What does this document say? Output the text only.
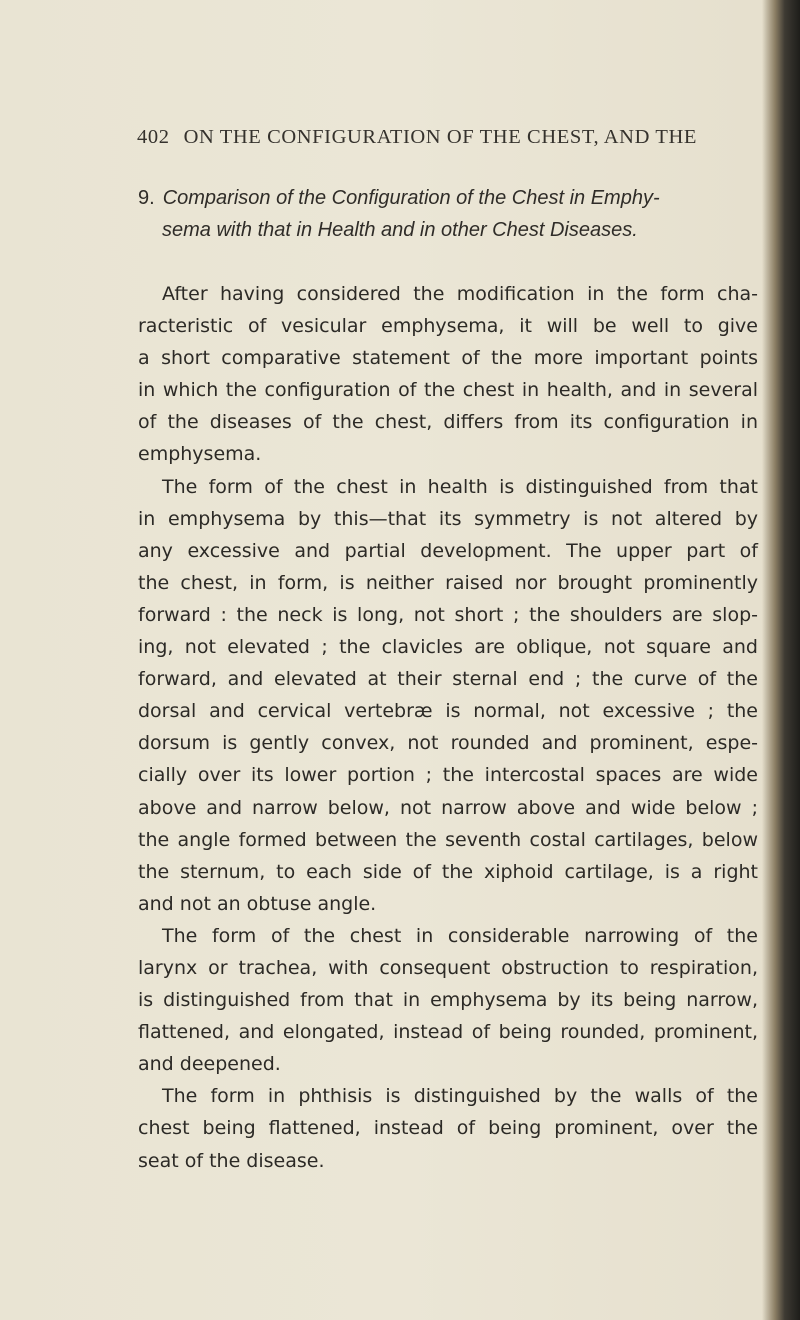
402 ON THE CONFIGURATION OF THE CHEST, AND THE
9. Comparison of the Configuration of the Chest in Emphy-
sema with that in Health and in other Chest Diseases.
After having considered the modification in the form cha-
racteristic of vesicular emphysema, it will be well to give
a short comparative statement of the more important points
in which the configuration of the chest in health, and in several
of the diseases of the chest, differs from its configuration in
emphysema.
The form of the chest in health is distinguished from that
in emphysema by this—that its symmetry is not altered by
any excessive and partial development. The upper part of
the chest, in form, is neither raised nor brought prominently
forward : the neck is long, not short ; the shoulders are slop-
ing, not elevated ; the clavicles are oblique, not square and
forward, and elevated at their sternal end ; the curve of the
dorsal and cervical vertebræ is normal, not excessive ; the
dorsum is gently convex, not rounded and prominent, espe-
cially over its lower portion ; the intercostal spaces are wide
above and narrow below, not narrow above and wide below ;
the angle formed between the seventh costal cartilages, below
the sternum, to each side of the xiphoid cartilage, is a right
and not an obtuse angle.
The form of the chest in considerable narrowing of the
larynx or trachea, with consequent obstruction to respiration,
is distinguished from that in emphysema by its being narrow,
flattened, and elongated, instead of being rounded, prominent,
and deepened.
The form in phthisis is distinguished by the walls of the
chest being flattened, instead of being prominent, over the
seat of the disease.
